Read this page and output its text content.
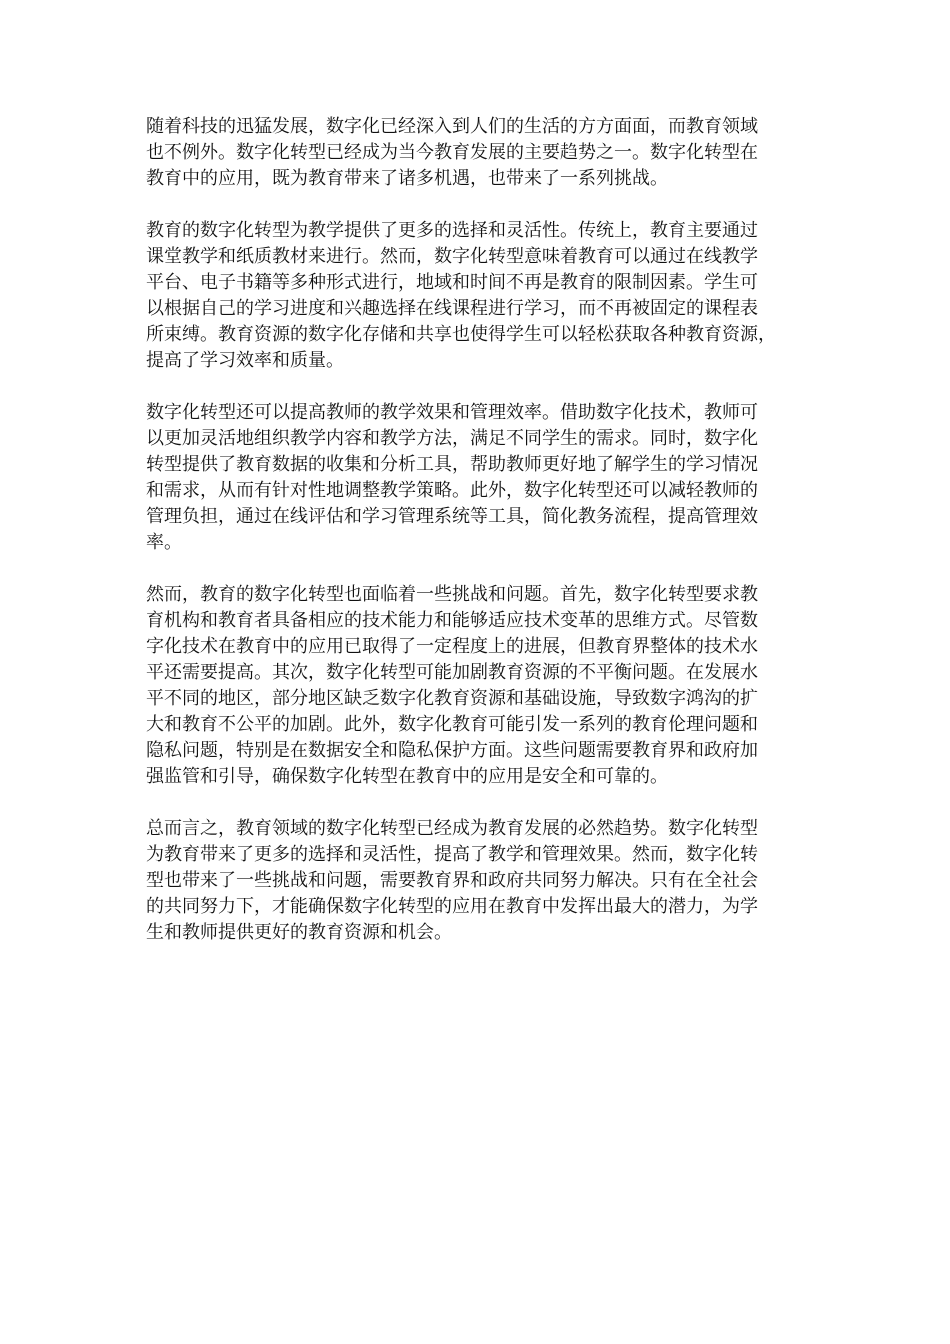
随着科技的迅猛发展，数字化已经深入到人们的生活的方方面面，而教育领域
也不例外。数字化转型已经成为当今教育发展的主要趋势之一。数字化转型在
教育中的应用，既为教育带来了诸多机遇，也带来了一系列挑战。

教育的数字化转型为教学提供了更多的选择和灵活性。传统上，教育主要通过
课堂教学和纸质教材来进行。然而，数字化转型意味着教育可以通过在线教学
平台、电子书籍等多种形式进行，地域和时间不再是教育的限制因素。学生可
以根据自己的学习进度和兴趣选择在线课程进行学习，而不再被固定的课程表
所束缚。教育资源的数字化存储和共享也使得学生可以轻松获取各种教育资源，
提高了学习效率和质量。

数字化转型还可以提高教师的教学效果和管理效率。借助数字化技术，教师可
以更加灵活地组织教学内容和教学方法，满足不同学生的需求。同时，数字化
转型提供了教育数据的收集和分析工具，帮助教师更好地了解学生的学习情况
和需求，从而有针对性地调整教学策略。此外，数字化转型还可以减轻教师的
管理负担，通过在线评估和学习管理系统等工具，简化教务流程，提高管理效
率。

然而，教育的数字化转型也面临着一些挑战和问题。首先，数字化转型要求教
育机构和教育者具备相应的技术能力和能够适应技术变革的思维方式。尽管数
字化技术在教育中的应用已取得了一定程度上的进展，但教育界整体的技术水
平还需要提高。其次，数字化转型可能加剧教育资源的不平衡问题。在发展水
平不同的地区，部分地区缺乏数字化教育资源和基础设施，导致数字鸿沟的扩
大和教育不公平的加剧。此外，数字化教育可能引发一系列的教育伦理问题和
隐私问题，特别是在数据安全和隐私保护方面。这些问题需要教育界和政府加
强监管和引导，确保数字化转型在教育中的应用是安全和可靠的。

总而言之，教育领域的数字化转型已经成为教育发展的必然趋势。数字化转型
为教育带来了更多的选择和灵活性，提高了教学和管理效果。然而，数字化转
型也带来了一些挑战和问题，需要教育界和政府共同努力解决。只有在全社会
的共同努力下，才能确保数字化转型的应用在教育中发挥出最大的潜力，为学
生和教师提供更好的教育资源和机会。
